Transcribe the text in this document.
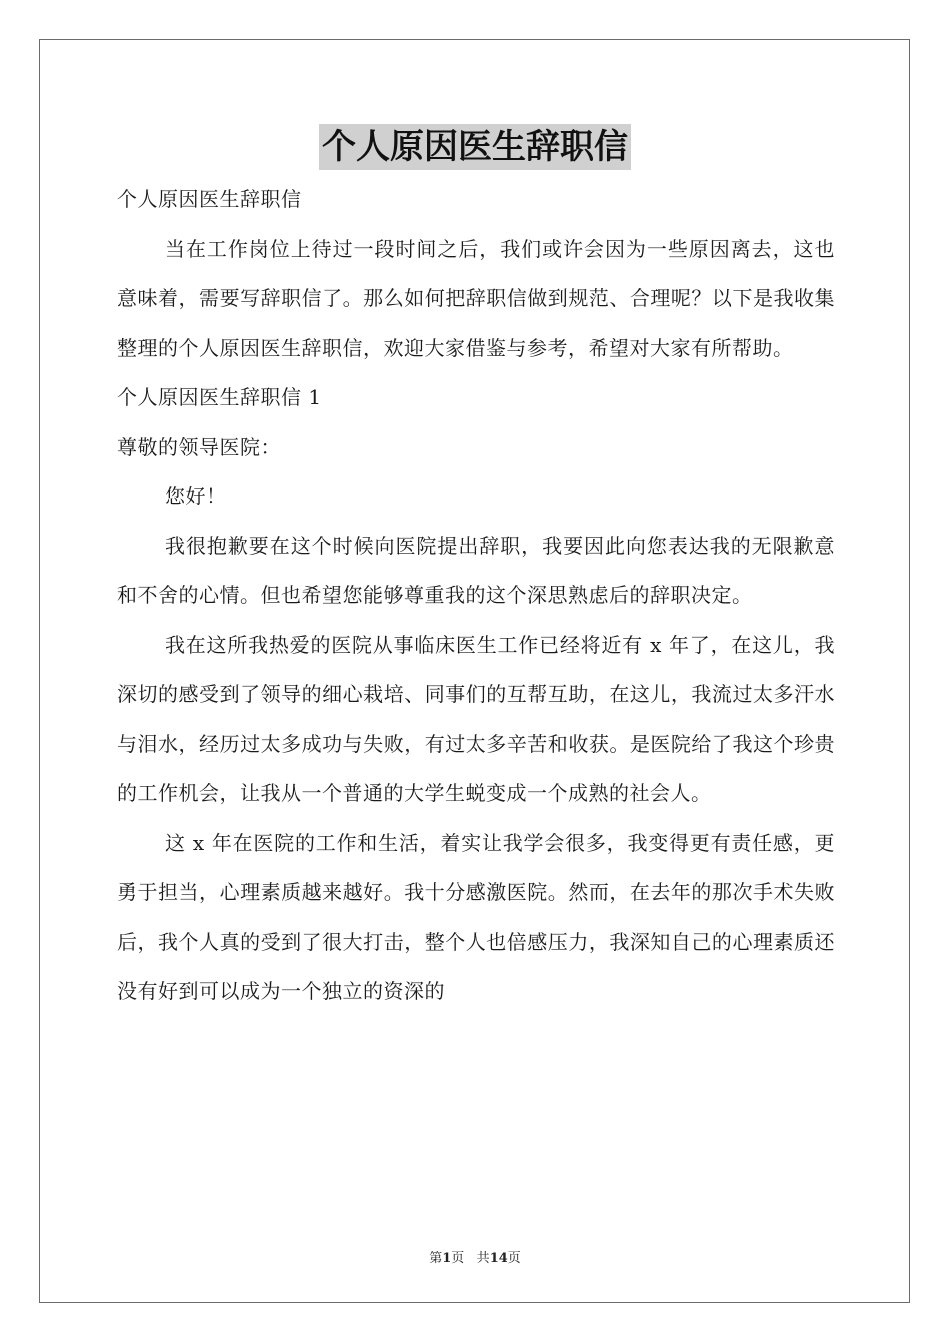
个人原因医生辞职信

个人原因医生辞职信

当在工作岗位上待过一段时间之后，我们或许会因为一些原因离去，这也意味着，需要写辞职信了。那么如何把辞职信做到规范、合理呢？以下是我收集整理的个人原因医生辞职信，欢迎大家借鉴与参考，希望对大家有所帮助。

个人原因医生辞职信 1

尊敬的领导医院：

您好！

我很抱歉要在这个时候向医院提出辞职，我要因此向您表达我的无限歉意和不舍的心情。但也希望您能够尊重我的这个深思熟虑后的辞职决定。

我在这所我热爱的医院从事临床医生工作已经将近有 x 年了，在这儿，我深切的感受到了领导的细心栽培、同事们的互帮互助，在这儿，我流过太多汗水与泪水，经历过太多成功与失败，有过太多辛苦和收获。是医院给了我这个珍贵的工作机会，让我从一个普通的大学生蜕变成一个成熟的社会人。

这 x 年在医院的工作和生活，着实让我学会很多，我变得更有责任感，更勇于担当，心理素质越来越好。我十分感激医院。然而，在去年的那次手术失败后，我个人真的受到了很大打击，整个人也倍感压力，我深知自己的心理素质还没有好到可以成为一个独立的资深的

第1页 共14页
